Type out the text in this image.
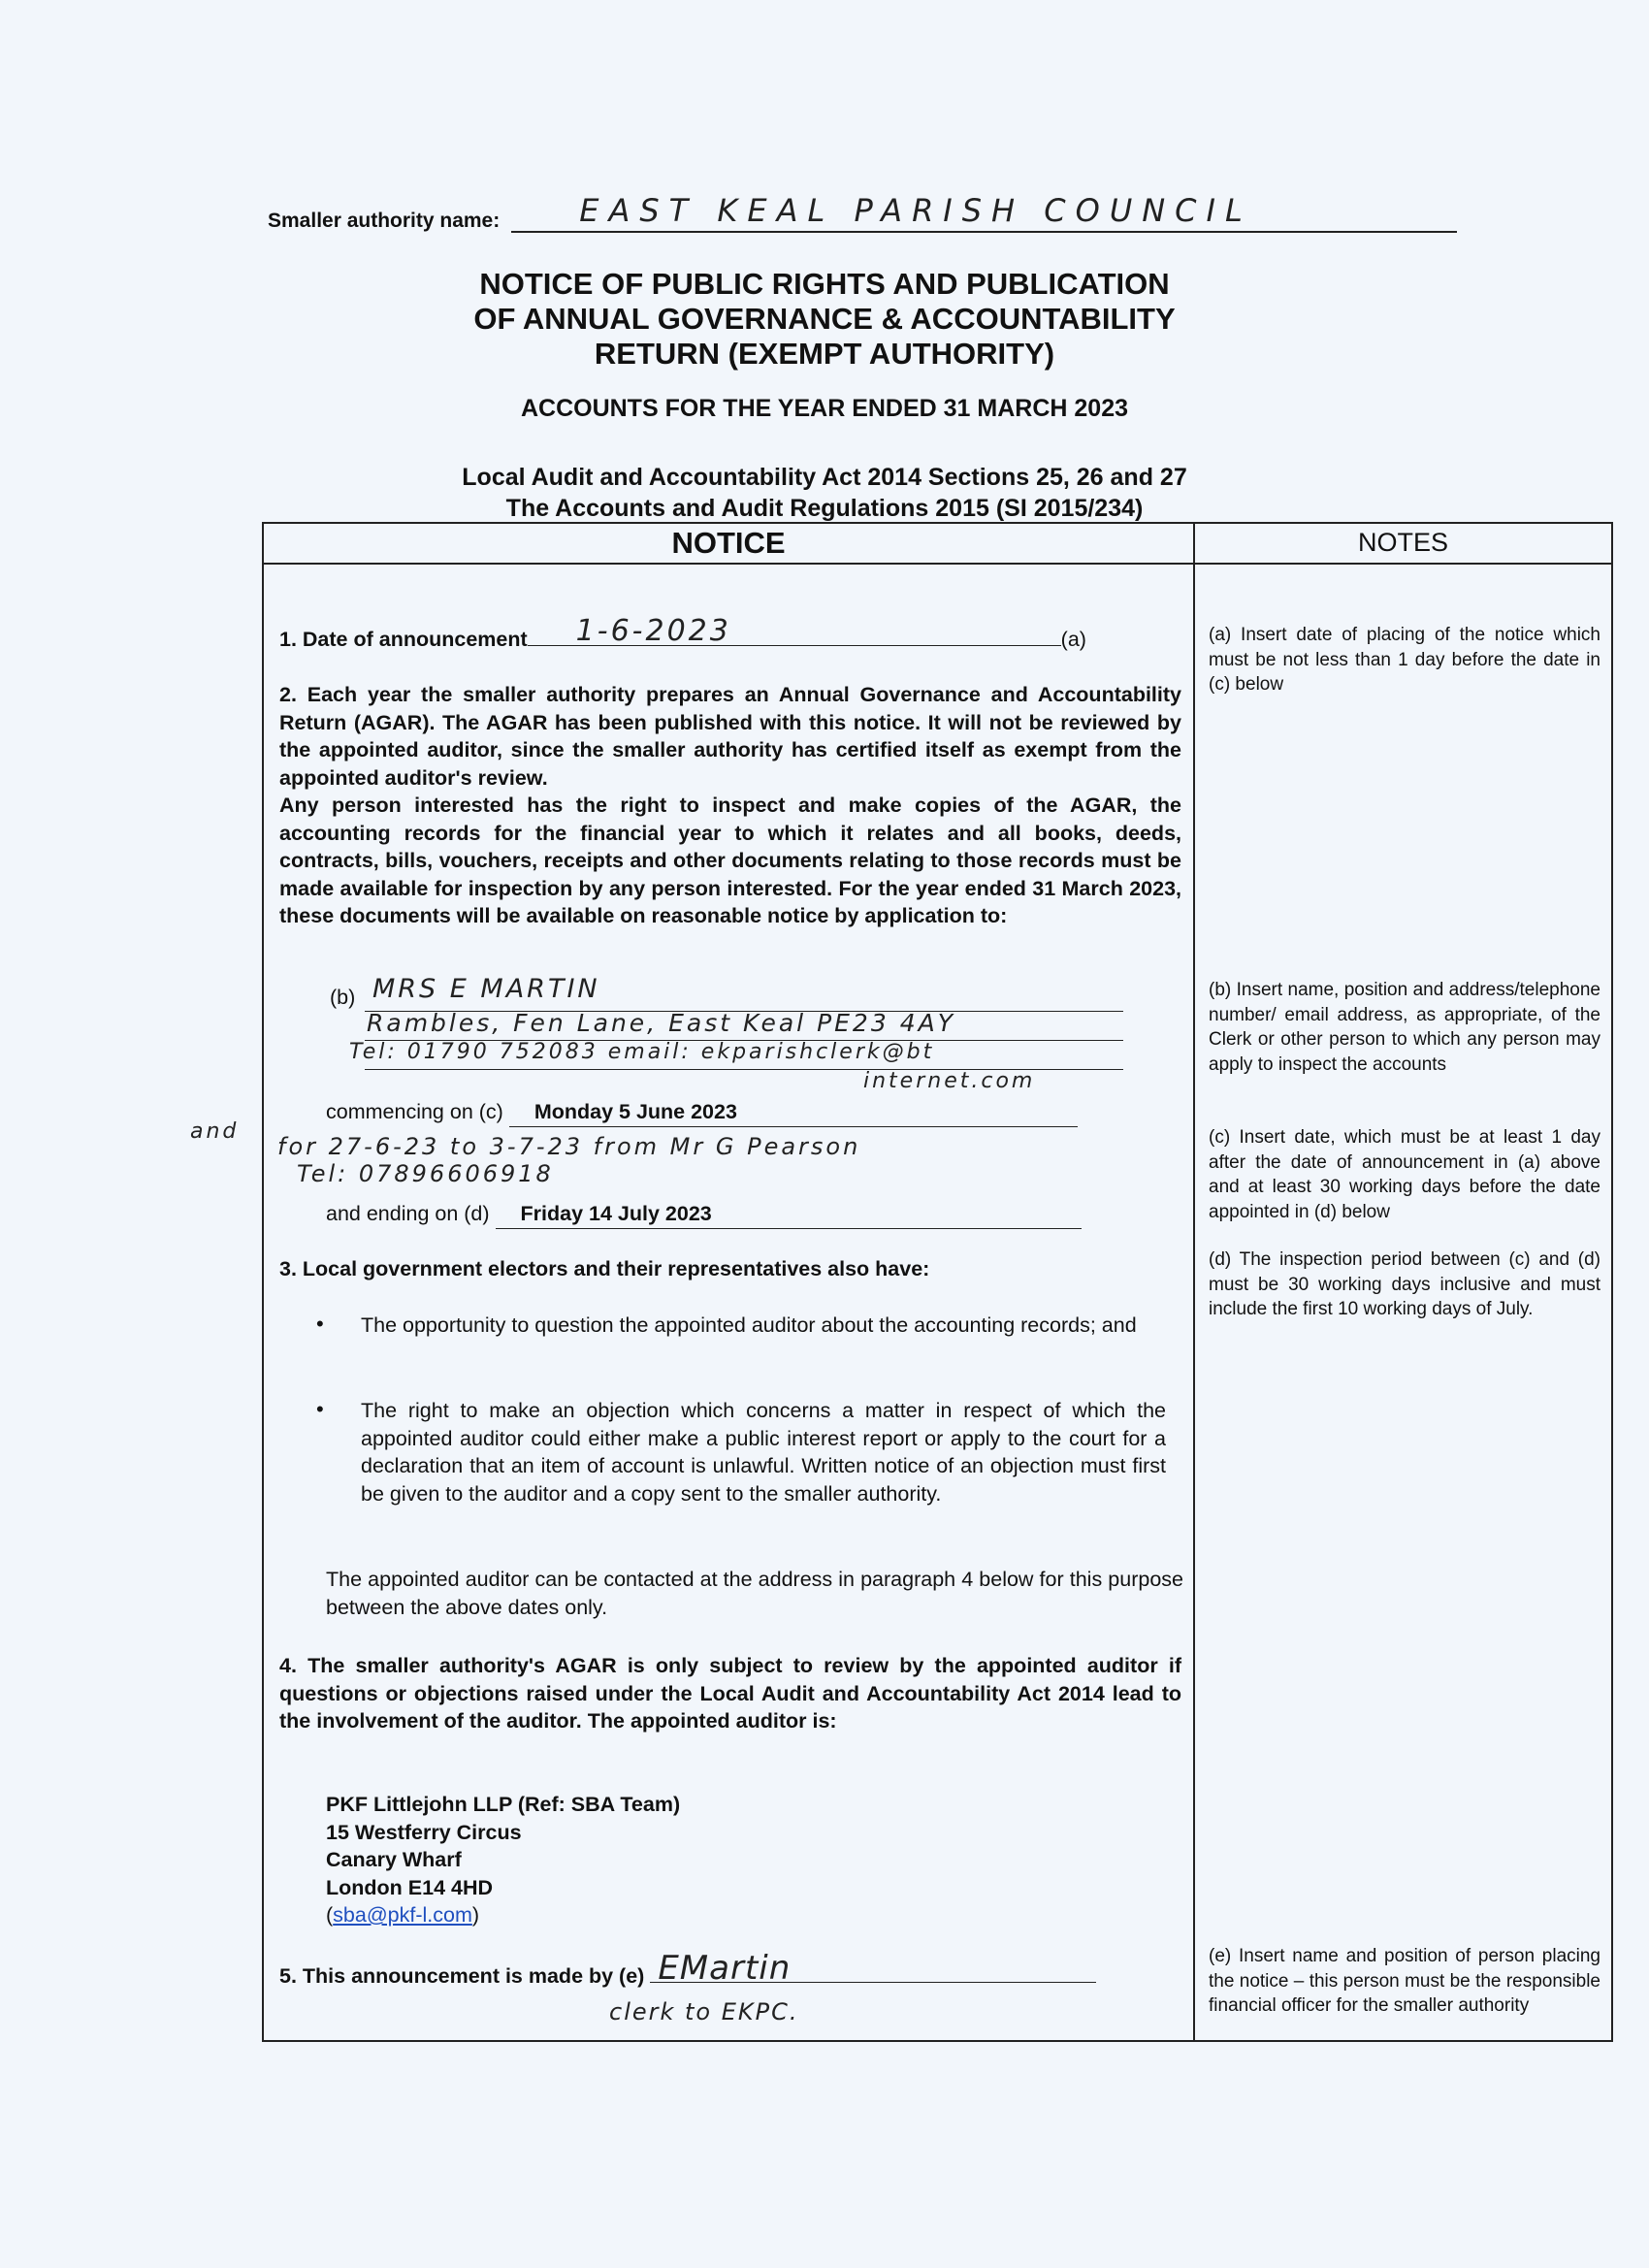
Smaller authority name:	EAST KEAL PARISH COUNCIL
NOTICE OF PUBLIC RIGHTS AND PUBLICATION
OF ANNUAL GOVERNANCE & ACCOUNTABILITY
RETURN (EXEMPT AUTHORITY)
ACCOUNTS FOR THE YEAR ENDED 31 MARCH 2023
Local Audit and Accountability Act 2014 Sections 25, 26 and 27
The Accounts and Audit Regulations 2015 (SI 2015/234)
NOTICE	NOTES
1. Date of announcement 1-6-2023	(a)
2. Each year the smaller authority prepares an Annual Governance and Accountability Return (AGAR). The AGAR has been published with this notice. It will not be reviewed by the appointed auditor, since the smaller authority has certified itself as exempt from the appointed auditor's review.
Any person interested has the right to inspect and make copies of the AGAR, the accounting records for the financial year to which it relates and all books, deeds, contracts, bills, vouchers, receipts and other documents relating to those records must be made available for inspection by any person interested. For the year ended 31 March 2023, these documents will be available on reasonable notice by application to:
(b) MRS E MARTIN
Rambles, Fen Lane, East Keal PE23 4AY
Tel: 01790 752083 email: ekparishclerk@bt
internet.com
commencing on (c) Monday 5 June 2023
and
for 27-6-23 to 3-7-23 from Mr G Pearson
Tel: 07896606918
and ending on (d) Friday 14 July 2023
3. Local government electors and their representatives also have:
• The opportunity to question the appointed auditor about the accounting records; and
• The right to make an objection which concerns a matter in respect of which the appointed auditor could either make a public interest report or apply to the court for a declaration that an item of account is unlawful. Written notice of an objection must first be given to the auditor and a copy sent to the smaller authority.
The appointed auditor can be contacted at the address in paragraph 4 below for this purpose between the above dates only.
4. The smaller authority's AGAR is only subject to review by the appointed auditor if questions or objections raised under the Local Audit and Accountability Act 2014 lead to the involvement of the auditor. The appointed auditor is:
PKF Littlejohn LLP (Ref: SBA Team)
15 Westferry Circus
Canary Wharf
London E14 4HD
(sba@pkf-l.com)
5. This announcement is made by (e) EMartin
clerk to EKPC.
(a) Insert date of placing of the notice which must be not less than 1 day before the date in (c) below
(b) Insert name, position and address/telephone number/ email address, as appropriate, of the Clerk or other person to which any person may apply to inspect the accounts
(c) Insert date, which must be at least 1 day after the date of announcement in (a) above and at least 30 working days before the date appointed in (d) below
(d) The inspection period between (c) and (d) must be 30 working days inclusive and must include the first 10 working days of July.
(e) Insert name and position of person placing the notice – this person must be the responsible financial officer for the smaller authority
